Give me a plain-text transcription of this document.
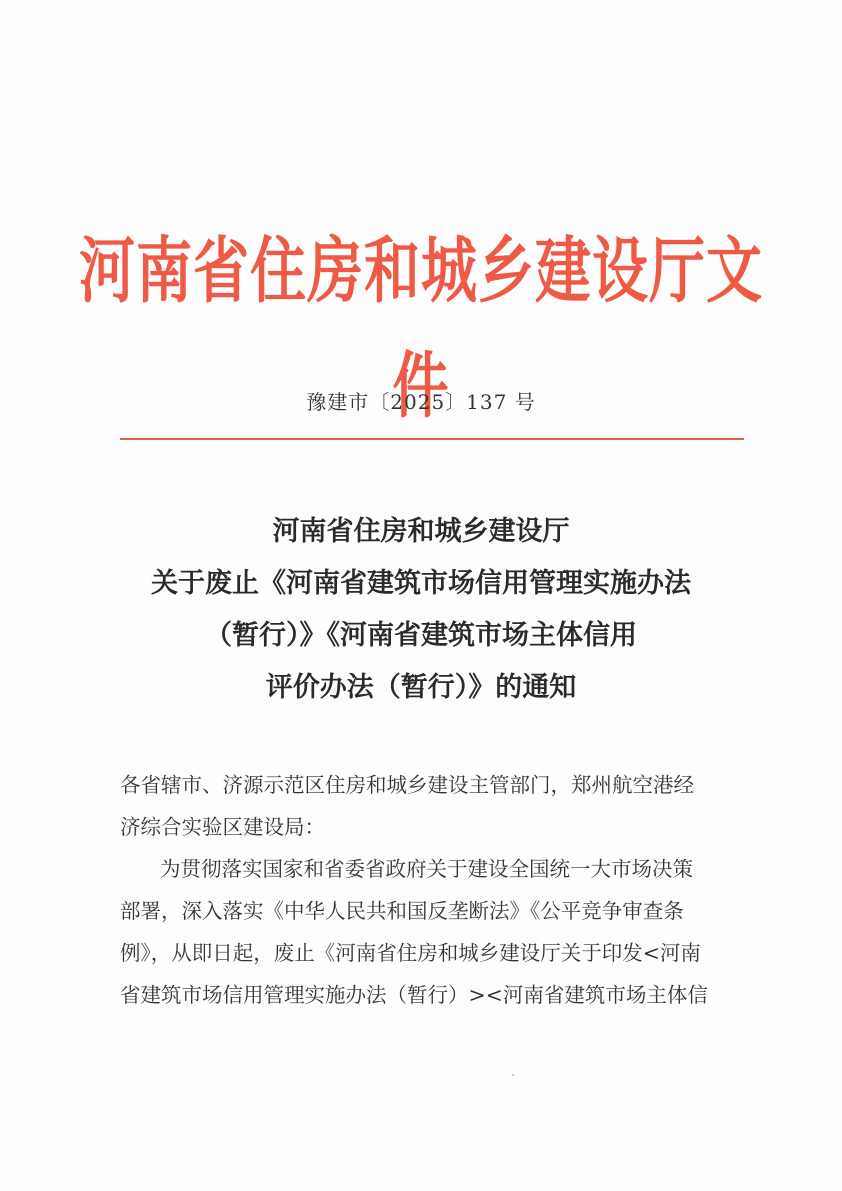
河南省住房和城乡建设厅文件
豫建市〔2025〕137 号
河南省住房和城乡建设厅
关于废止《河南省建筑市场信用管理实施办法
（暂行）》《河南省建筑市场主体信用
评价办法（暂行）》的通知
各省辖市、济源示范区住房和城乡建设主管部门，郑州航空港经
济综合实验区建设局：
为贯彻落实国家和省委省政府关于建设全国统一大市场决策
部署，深入落实《中华人民共和国反垄断法》《公平竞争审查条
例》，从即日起，废止《河南省住房和城乡建设厅关于印发<河南
省建筑市场信用管理实施办法（暂行）><河南省建筑市场主体信
